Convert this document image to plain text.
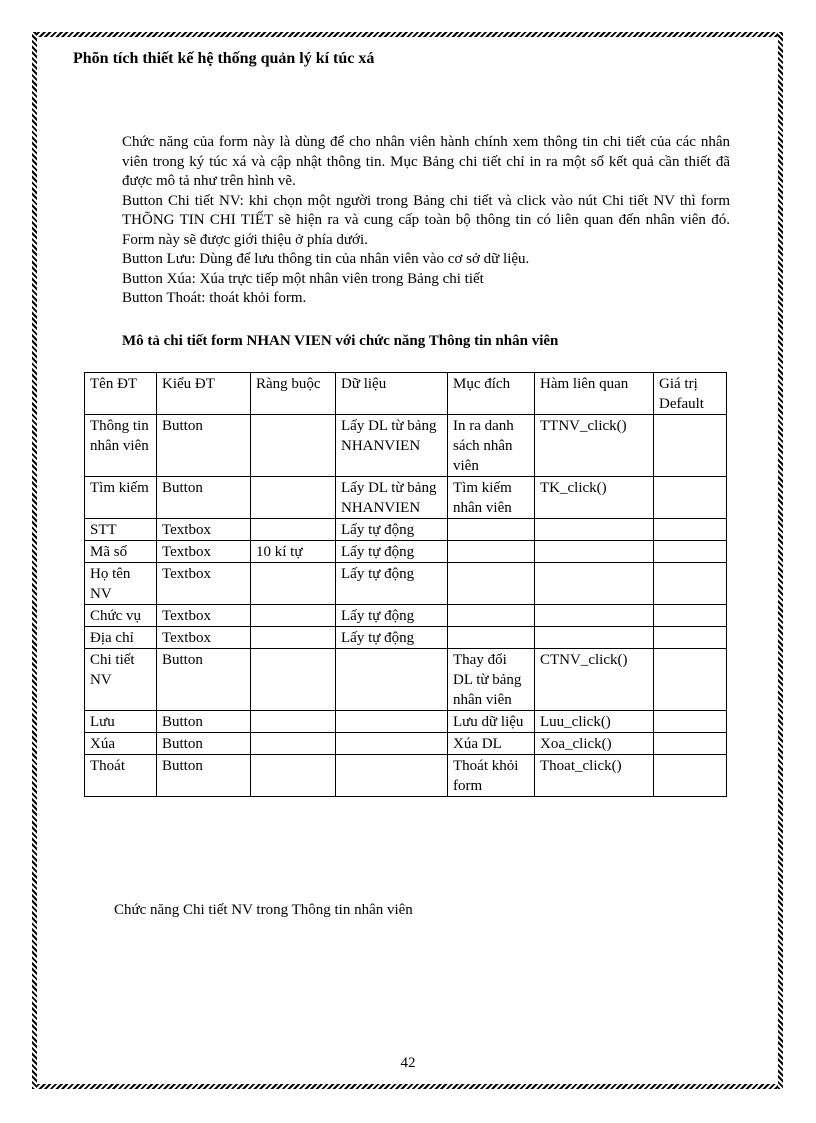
Phõn tích thiết kế hệ thống quản lý kí túc xá

Chức năng của form này là dùng để cho nhân viên hành chính xem thông tin chi tiết của các nhân viên trong ký túc xá và cập nhật thông tin. Mục Bảng chi tiết chỉ in ra một số kết quả cần thiết đã được mô tả như trên hình vẽ.

Button Chi tiết NV: khi chọn một người trong Bảng chi tiết và click vào nút Chi tiết NV thì form THÕNG TIN CHI TIẾT sẽ hiện ra và cung cấp toàn bộ thông tin có liên quan đến nhân viên đó. Form này sẽ được giới thiệu ở phía dưới.

Button Lưu: Dùng để lưu thông tin của nhân viên vào cơ sở dữ liệu.

Button Xúa: Xúa trực tiếp một nhân viên trong Bảng chi tiết

Button Thoát: thoát khỏi form.

Mô tả chi tiết form NHAN VIEN với chức năng Thông tin nhân viên
Tên ĐT	Kiểu ĐT	Ràng buộc	Dữ liệu	Mục đích	Hàm liên quan	Giá trị Default
Thông tin nhân viên	Button		Lấy DL từ bảng NHANVIEN	In ra danh sách nhân viên	TTNV_click()	
Tìm kiếm	Button		Lấy DL từ bảng NHANVIEN	Tìm kiếm nhân viên	TK_click()	
STT	Textbox		Lấy tự động			
Mã số	Textbox	10 kí tự	Lấy tự động			
Họ tên NV	Textbox		Lấy tự động			
Chức vụ	Textbox		Lấy tự động			
Địa chỉ	Textbox		Lấy tự động			
Chi tiết NV	Button			Thay đổi DL từ bảng nhân viên	CTNV_click()	
Lưu	Button			Lưu dữ liệu	Luu_click()	
Xúa	Button			Xúa DL	Xoa_click()	
Thoát	Button			Thoát khỏi form	Thoat_click()	
Chức năng Chi tiết NV trong Thông tin nhân viên
42
